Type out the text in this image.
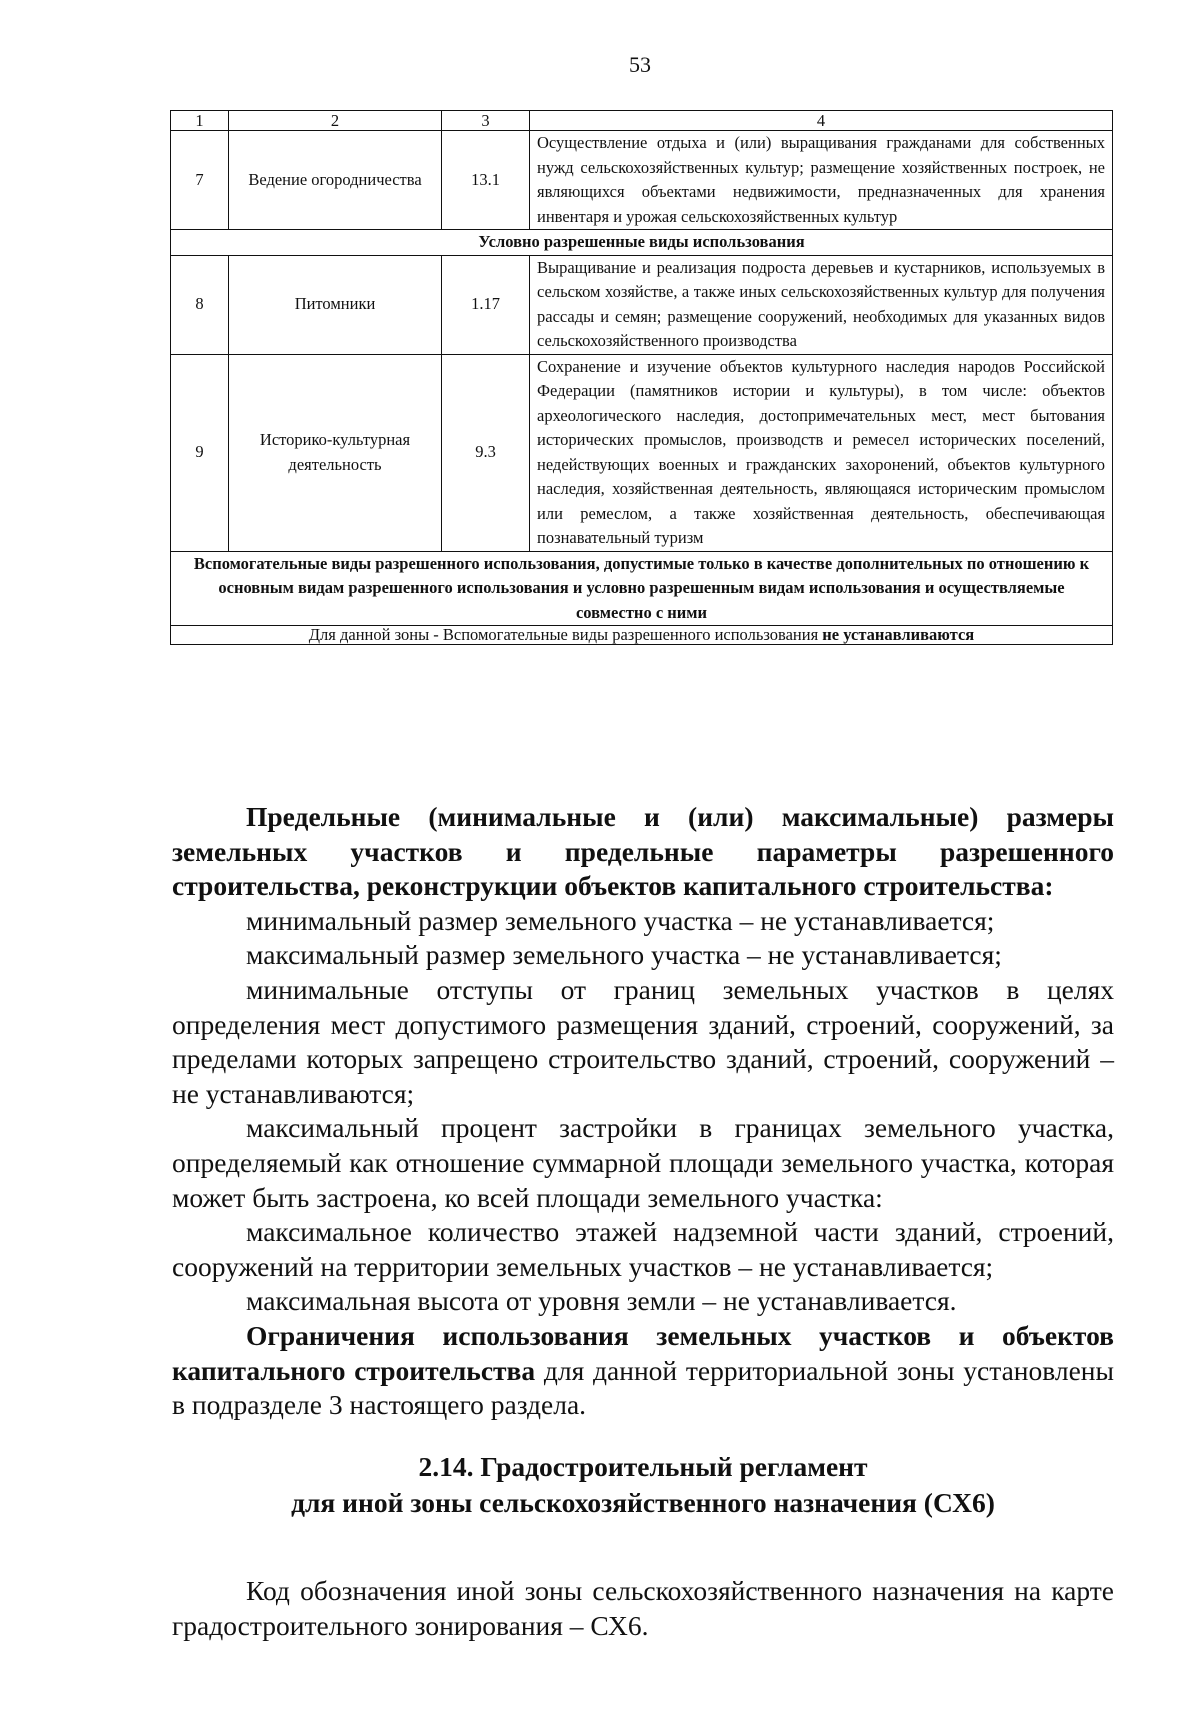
53
1	2	3	4
7	Ведение огородничества	13.1	Осуществление отдыха и (или) выращивания гражданами для собственных нужд сельскохозяйственных культур; размещение хозяйственных построек, не являющихся объектами недвижимости, предназначенных для хранения инвентаря и урожая сельскохозяйственных культур
Условно разрешенные виды использования			
8	Питомники	1.17	Выращивание и реализация подроста деревьев и кустарников, используемых в сельском хозяйстве, а также иных сельскохозяйственных культур для получения рассады и семян; размещение сооружений, необходимых для указанных видов сельскохозяйственного производства
9	Историко-культурная деятельность	9.3	Сохранение и изучение объектов культурного наследия народов Российской Федерации (памятников истории и культуры), в том числе: объектов археологического наследия, достопримечательных мест, мест бытования исторических промыслов, производств и ремесел исторических поселений, недействующих военных и гражданских захоронений, объектов культурного наследия, хозяйственная деятельность, являющаяся историческим промыслом или ремеслом, а также хозяйственная деятельность, обеспечивающая познавательный туризм
Вспомогательные виды разрешенного использования, допустимые только в качестве дополнительных по отношению к основным видам разрешенного использования и условно разрешенным видам использования и осуществляемые совместно с ними			
Для данной зоны - Вспомогательные виды разрешенного использования не устанавливаются			

Предельные (минимальные и (или) максимальные) размеры земельных участков и предельные параметры разрешенного строительства, реконструкции объектов капитального строительства:

минимальный размер земельного участка – не устанавливается;

максимальный размер земельного участка – не устанавливается;

минимальные отступы от границ земельных участков в целях определения мест допустимого размещения зданий, строений, сооружений, за пределами которых запрещено строительство зданий, строений, сооружений – не устанавливаются;

максимальный процент застройки в границах земельного участка, определяемый как отношение суммарной площади земельного участка, которая может быть застроена, ко всей площади земельного участка:

максимальное количество этажей надземной части зданий, строений, сооружений на территории земельных участков – не устанавливается;

максимальная высота от уровня земли – не устанавливается.

Ограничения использования земельных участков и объектов капитального строительства для данной территориальной зоны установлены в подразделе 3 настоящего раздела.

2.14. Градостроительный регламент
для иной зоны сельскохозяйственного назначения (СХ6)

Код обозначения иной зоны сельскохозяйственного назначения на карте градостроительного зонирования – СХ6.
